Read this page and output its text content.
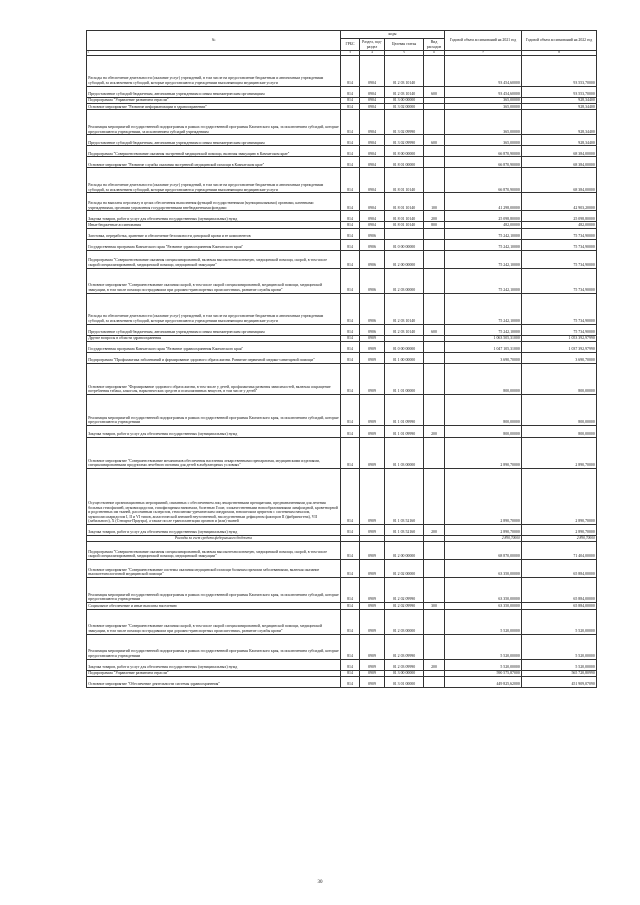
№	коды				Годовой объем ассигнований на 2021 год	Годовой объем ассигнований на 2022 год
	ГРБС	Раздел, под-раздел	Целевая статья	Вид расходов		
1	3	4	5	6	7	8
Расходы на обеспечение деятельности (оказание услуг) учреждений, в том числе на предоставление бюджетным и автономным учреждениям субсидий, за исключением субсидий, которые предоставляются учреждениям выполняющим медицинские услуги	814	0904	01 2 03 10140		93 454,60000	93 553,70000
Предоставление субсидий бюджетным, автономным учреждениям и иным некоммерческим организациям	814	0904	01 2 03 10140	600	93 454,60000	93 553,70000
Подпрограмма "Управление развитием отрасли"	814	0904	01 3 00 00000		365,00000	928,34400
Основное мероприятие "Развитие информатизации в здравоохранении"	814	0904	01 3 02 00000		365,00000	928,34400
Реализация мероприятий государственной подпрограммы в рамках государственной программы Камчатского края, за исключением субсидий, которые предоставляются учреждениям, за исключением субсидий учреждениям	814	0904	01 3 02 09990		365,00000	928,34400
Предоставление субсидий бюджетным, автономным учреждениям и иным некоммерческим организациям	814	0904	01 3 02 09990	600	365,00000	928,34400
Подпрограмма "Совершенствование оказания экстренной медицинской помощи, включая эвакуацию в Камчатском крае"	814	0904	01 8 00 00000		66 870,90000	68 384,00000
Основное мероприятие "Развитие службы оказания экстренной медицинской помощи в Камчатском крае"	814	0904	01 8 01 00000		66 870,90000	68 384,00000
Расходы на обеспечение деятельности (оказание услуг) учреждений, в том числе на предоставление бюджетным и автономным учреждениям субсидий, за исключением субсидий, которые предоставляются учреждениям выполняющим медицинские услуги	814	0904	01 8 01 10140		66 870,90000	68 384,00000
Расходы на выплаты персоналу в целях обеспечения выполнения функций государственными (муниципальными) органами, казенными учреждениями, органами управления государственными внебюджетными фондами	814	0904	01 8 01 10140	100	41 298,00000	42 903,20000
Закупка товаров, работ и услуг для обеспечения государственных (муниципальных) нужд	814	0904	01 8 01 10140	200	25 098,80000	25 098,80000
Иные бюджетные ассигнования	814	0904	01 8 01 10140	800	482,00000	482,00000
Заготовка, переработка, хранение и обеспечение безопасности донорской крови и ее компонентов	814	0906			75 242,10000	75 734,90000
Государственная программа Камчатского края "Развитие здравоохранения Камчатского края"	814	0906	01 0 00 00000		75 242,10000	75 734,90000
Подпрограмма "Совершенствование оказания специализированной, включая высокотехнологичную, медицинской помощи, скорой, в том числе скорой специализированной, медицинской помощи, медицинской эвакуации"	814	0906	01 2 00 00000		75 242,10000	75 734,90000
Основное мероприятие "Совершенствование оказания скорой, в том числе скорой специализированной, медицинской помощи, медицинской эвакуации, в том числе помощи пострадавшим при дорожно-транспортных происшествиях, развитие службы крови"	814	0906	01 2 03 00000		75 242,10000	75 734,90000
Расходы на обеспечение деятельности (оказание услуг) учреждений, в том числе на предоставление бюджетным и автономным учреждениям субсидий, за исключением субсидий, которые предоставляются учреждениям выполняющим медицинские услуги	814	0906	01 2 03 10140		75 242,10000	75 734,90000
Предоставление субсидий бюджетным, автономным учреждениям и иным некоммерческим организациям	814	0906	01 2 03 10140	600	75 242,10000	75 734,90000
Другие вопросы в области здравоохранения	814	0909			1 063 505,31000	1 053 392,97990
Государственная программа Камчатского края "Развитие здравоохранения Камчатского края"	814	0909	01 0 00 00000		1 047 105,31000	1 037 392,97990
Подпрограмма "Профилактика заболеваний и формирование здорового образа жизни. Развитие первичной медико-санитарной помощи"	814	0909	01 1 00 00000		3 690,70000	3 690,70000
Основное мероприятие "Формирование здорового образа жизни, в том числе у детей, профилактика развития зависимостей, включая сокращение потребления табака, алкоголя, наркотических средств и психоактивных веществ, в том числе у детей"	814	0909	01 1 01 00000		800,00000	800,00000
Реализация мероприятий государственной подпрограммы в рамках государственной программы Камчатского края, за исключением субсидий, которые предоставляются учреждениям	814	0909	01 1 01 09990		800,00000	800,00000
Закупка товаров, работ и услуг для обеспечения государственных (муниципальных) нужд	814	0909	01 1 01 09990	200	800,00000	800,00000
Основное мероприятие "Совершенствование механизмов обеспечения населения лекарственными препаратами, медицинскими изделиями, специализированными продуктами лечебного питания для детей в амбулаторных условиях"	814	0909	01 1 03 00000		2 890,70000	2 890,70000
Осуществление организационных мероприятий, связанных с обеспечением лиц лекарственными препаратами, предназначенными для лечения больных гемофилией, муковисцидозом, гипофизарным нанизмом, болезнью Гоше, злокачественными новообразованиями лимфоидной, кроветворной и родственных им тканей, рассеянным склерозом, гемолитико-уремическим синдромом, юношеским артритом с системным началом, мукополисахаридозом I, II и VI типов, апластической анемией неуточненной, наследственным дефицитом факторов II (фибриногена), VII (лабильного), X (Стюарта-Прауэра), а также после трансплантации органов и (или) тканей	814	0909	01 1 03 52160		2 890,70000	2 890,70000
Закупка товаров, работ и услуг для обеспечения государственных (муниципальных) нужд	814	0909	01 1 03 52160	200	2 890,70000	2 890,70000
Расходы за счет средств федерального бюджета					2 890,70000	2 890,70000
Подпрограмма "Совершенствование оказания специализированной, включая высокотехнологичную, медицинской помощи, скорой, в том числе скорой специализированной, медицинской помощи, медицинской эвакуации"	814	0909	01 2 00 00000		68 870,00000	71 404,00000
Основное мероприятие "Совершенствование системы оказания медицинской помощи больным прочими заболеваниями, включая оказание высокотехнологичной медицинской помощи"	814	0909	01 2 02 00000		63 350,00000	65 884,00000
Реализация мероприятий государственной подпрограммы в рамках государственной программы Камчатского края, за исключением субсидий, которые предоставляются учреждениям	814	0909	01 2 02 09990		63 350,00000	65 884,00000
Социальное обеспечение и иные выплаты населению	814	0909	01 2 02 09990	300	63 350,00000	65 884,00000
Основное мероприятие "Совершенствование оказания скорой, в том числе скорой специализированной, медицинской помощи, медицинской эвакуации, в том числе помощи пострадавшим при дорожно-транспортных происшествиях, развитие службы крови"	814	0909	01 2 03 00000		5 520,00000	5 520,00000
Реализация мероприятий государственной подпрограммы в рамках государственной программы Камчатского края, за исключением субсидий, которые предоставляются учреждениям	814	0909	01 2 03 09990		5 520,00000	5 520,00000
Закупка товаров, работ и услуг для обеспечения государственных (муниципальных) нужд	814	0909	01 2 03 09990	200	5 520,00000	5 520,00000
Подпрограмма "Управление развитием отрасли"	814	0909	01 3 00 00000		590 575,87000	565 720,80990
Основное мероприятие "Обеспечение деятельности системы здравоохранения"	814	0909	01 3 01 00000		449 825,62000	451 909,07090
30
